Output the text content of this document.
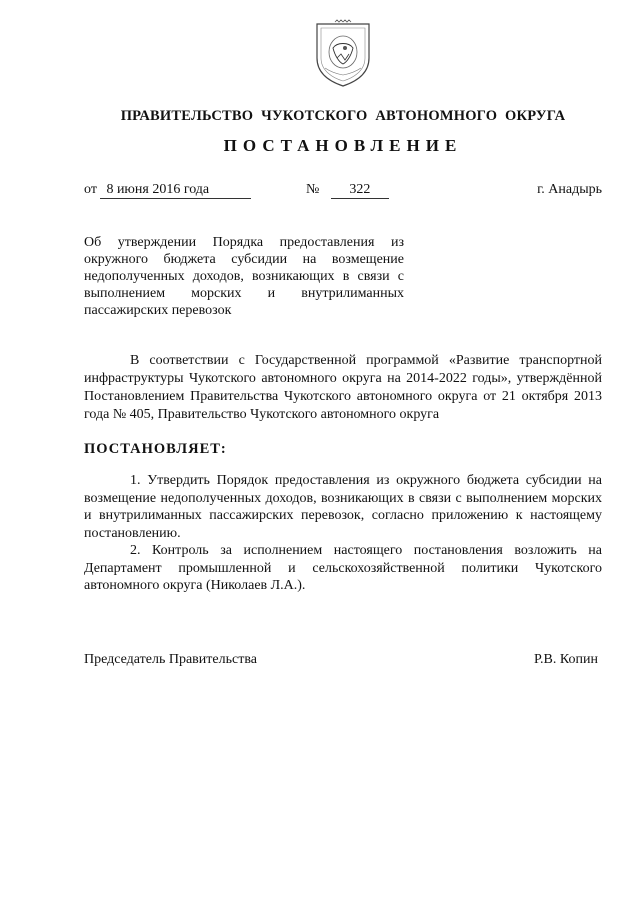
ПРАВИТЕЛЬСТВО ЧУКОТСКОГО АВТОНОМНОГО ОКРУГА
ПОСТАНОВЛЕНИЕ
от 8 июня 2016 года	№ 322	г. Анадырь
Об утверждении Порядка предоставления из окружного бюджета субсидии на возмещение недополученных доходов, возникающих в связи с выполнением морских и внутрилиманных пассажирских перевозок
В соответствии с Государственной программой «Развитие транспортной инфраструктуры Чукотского автономного округа на 2014-2022 годы», утверждённой Постановлением Правительства Чукотского автономного округа от 21 октября 2013 года № 405, Правительство Чукотского автономного округа
ПОСТАНОВЛЯЕТ:

1. Утвердить Порядок предоставления из окружного бюджета субсидии на возмещение недополученных доходов, возникающих в связи с выполнением морских и внутрилиманных пассажирских перевозок, согласно приложению к настоящему постановлению.

2. Контроль за исполнением настоящего постановления возложить на Департамент промышленной и сельскохозяйственной политики Чукотского автономного округа (Николаев Л.А.).

Председатель Правительства	Р.В. Копин
